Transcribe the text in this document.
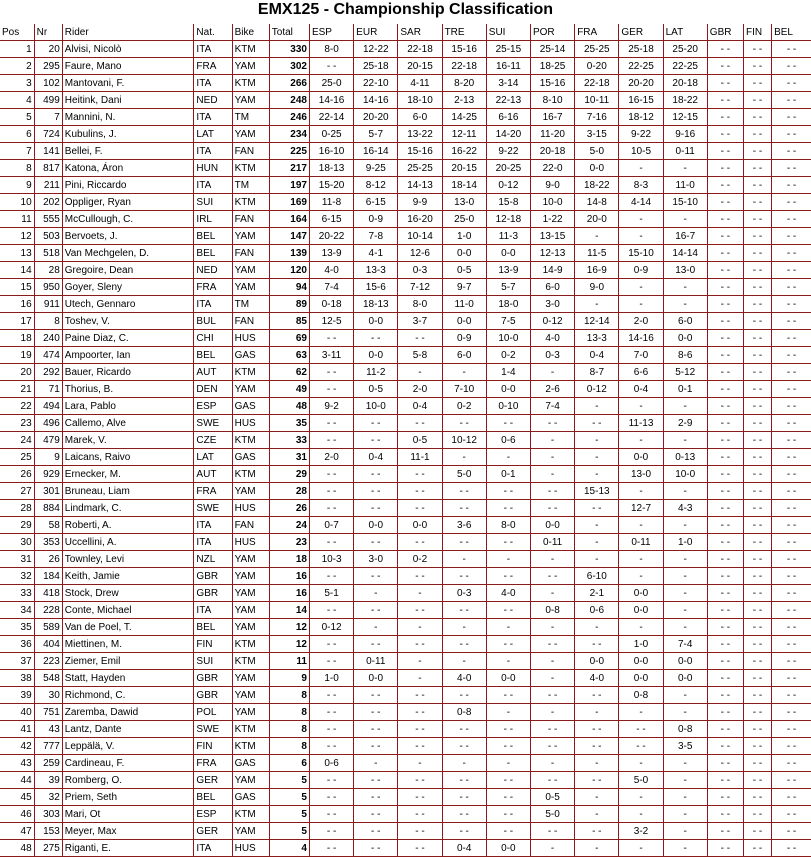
EMX125 - Championship Classification
Pos	Nr	Rider	Nat.	Bike	Total	ESP	EUR	SAR	TRE	SUI	POR	FRA	GER	LAT	GBR	FIN	BEL
1	20	Alvisi, Nicolò	ITA	KTM	330	8-0	12-22	22-18	15-16	25-15	25-14	25-25	25-18	25-20	- -	- -	- -
2	295	Faure, Mano	FRA	YAM	302	- -	25-18	20-15	22-18	16-11	18-25	0-20	22-25	22-25	- -	- -	- -
3	102	Mantovani, F.	ITA	KTM	266	25-0	22-10	4-11	8-20	3-14	15-16	22-18	20-20	20-18	- -	- -	- -
4	499	Heitink, Dani	NED	YAM	248	14-16	14-16	18-10	2-13	22-13	8-10	10-11	16-15	18-22	- -	- -	- -
5	7	Mannini, N.	ITA	TM	246	22-14	20-20	6-0	14-25	6-16	16-7	7-16	18-12	12-15	- -	- -	- -
6	724	Kubulins, J.	LAT	YAM	234	0-25	5-7	13-22	12-11	14-20	11-20	3-15	9-22	9-16	- -	- -	- -
7	141	Bellei, F.	ITA	FAN	225	16-10	16-14	15-16	16-22	9-22	20-18	5-0	10-5	0-11	- -	- -	- -
8	817	Katona, Áron	HUN	KTM	217	18-13	9-25	25-25	20-15	20-25	22-0	0-0	-	-	- -	- -	- -
9	211	Pini, Riccardo	ITA	TM	197	15-20	8-12	14-13	18-14	0-12	9-0	18-22	8-3	11-0	- -	- -	- -
10	202	Oppliger, Ryan	SUI	KTM	169	11-8	6-15	9-9	13-0	15-8	10-0	14-8	4-14	15-10	- -	- -	- -
11	555	McCullough, C.	IRL	FAN	164	6-15	0-9	16-20	25-0	12-18	1-22	20-0	-	-	- -	- -	- -
12	503	Bervoets, J.	BEL	YAM	147	20-22	7-8	10-14	1-0	11-3	13-15	-	-	16-7	- -	- -	- -
13	518	Van Mechgelen, D.	BEL	FAN	139	13-9	4-1	12-6	0-0	0-0	12-13	11-5	15-10	14-14	- -	- -	- -
14	28	Gregoire, Dean	NED	YAM	120	4-0	13-3	0-3	0-5	13-9	14-9	16-9	0-9	13-0	- -	- -	- -
15	950	Goyer, Sleny	FRA	YAM	94	7-4	15-6	7-12	9-7	5-7	6-0	9-0	-	-	- -	- -	- -
16	911	Utech, Gennaro	ITA	TM	89	0-18	18-13	8-0	11-0	18-0	3-0	-	-	-	- -	- -	- -
17	8	Toshev, V.	BUL	FAN	85	12-5	0-0	3-7	0-0	7-5	0-12	12-14	2-0	6-0	- -	- -	- -
18	240	Paine Diaz, C.	CHI	HUS	69	- -	- -	- -	0-9	10-0	4-0	13-3	14-16	0-0	- -	- -	- -
19	474	Ampoorter, Ian	BEL	GAS	63	3-11	0-0	5-8	6-0	0-2	0-3	0-4	7-0	8-6	- -	- -	- -
20	292	Bauer, Ricardo	AUT	KTM	62	- -	11-2	-	-	1-4	-	8-7	6-6	5-12	- -	- -	- -
21	71	Thorius, B.	DEN	YAM	49	- -	0-5	2-0	7-10	0-0	2-6	0-12	0-4	0-1	- -	- -	- -
22	494	Lara, Pablo	ESP	GAS	48	9-2	10-0	0-4	0-2	0-10	7-4	-	-	-	- -	- -	- -
23	496	Callemo, Alve	SWE	HUS	35	- -	- -	- -	- -	- -	- -	- -	11-13	2-9	- -	- -	- -
24	479	Marek, V.	CZE	KTM	33	- -	- -	0-5	10-12	0-6	-	-	-	-	- -	- -	- -
25	9	Laicans, Raivo	LAT	GAS	31	2-0	0-4	11-1	-	-	-	-	0-0	0-13	- -	- -	- -
26	929	Ernecker, M.	AUT	KTM	29	- -	- -	- -	5-0	0-1	-	-	13-0	10-0	- -	- -	- -
27	301	Bruneau, Liam	FRA	YAM	28	- -	- -	- -	- -	- -	- -	15-13	-	-	- -	- -	- -
28	884	Lindmark, C.	SWE	HUS	26	- -	- -	- -	- -	- -	- -	- -	12-7	4-3	- -	- -	- -
29	58	Roberti, A.	ITA	FAN	24	0-7	0-0	0-0	3-6	8-0	0-0	-	-	-	- -	- -	- -
30	353	Uccellini, A.	ITA	HUS	23	- -	- -	- -	- -	- -	0-11	-	0-11	1-0	- -	- -	- -
31	26	Townley, Levi	NZL	YAM	18	10-3	3-0	0-2	-	-	-	-	-	-	- -	- -	- -
32	184	Keith, Jamie	GBR	YAM	16	- -	- -	- -	- -	- -	- -	6-10	-	-	- -	- -	- -
33	418	Stock, Drew	GBR	YAM	16	5-1	-	-	0-3	4-0	-	2-1	0-0	-	- -	- -	- -
34	228	Conte, Michael	ITA	YAM	14	- -	- -	- -	- -	- -	0-8	0-6	0-0	-	- -	- -	- -
35	589	Van de Poel, T.	BEL	YAM	12	0-12	-	-	-	-	-	-	-	-	- -	- -	- -
36	404	Miettinen, M.	FIN	KTM	12	- -	- -	- -	- -	- -	- -	- -	1-0	7-4	- -	- -	- -
37	223	Ziemer, Emil	SUI	KTM	11	- -	0-11	-	-	-	-	0-0	0-0	0-0	- -	- -	- -
38	548	Statt, Hayden	GBR	YAM	9	1-0	0-0	-	4-0	0-0	-	4-0	0-0	0-0	- -	- -	- -
39	30	Richmond, C.	GBR	YAM	8	- -	- -	- -	- -	- -	- -	- -	0-8	-	- -	- -	- -
40	751	Zaremba, Dawid	POL	YAM	8	- -	- -	- -	0-8	-	-	-	-	-	- -	- -	- -
41	43	Lantz, Dante	SWE	KTM	8	- -	- -	- -	- -	- -	- -	- -	- -	0-8	- -	- -	- -
42	777	Leppälä, V.	FIN	KTM	8	- -	- -	- -	- -	- -	- -	- -	- -	3-5	- -	- -	- -
43	259	Cardineau, F.	FRA	GAS	6	0-6	-	-	-	-	-	-	-	-	- -	- -	- -
44	39	Romberg, O.	GER	YAM	5	- -	- -	- -	- -	- -	- -	- -	5-0	-	- -	- -	- -
45	32	Priem, Seth	BEL	GAS	5	- -	- -	- -	- -	- -	0-5	-	-	-	- -	- -	- -
46	303	Mari, Ot	ESP	KTM	5	- -	- -	- -	- -	- -	5-0	-	-	-	- -	- -	- -
47	153	Meyer, Max	GER	YAM	5	- -	- -	- -	- -	- -	- -	- -	3-2	-	- -	- -	- -
48	275	Riganti, E.	ITA	HUS	4	- -	- -	- -	0-4	0-0	-	-	-	-	- -	- -	- -
